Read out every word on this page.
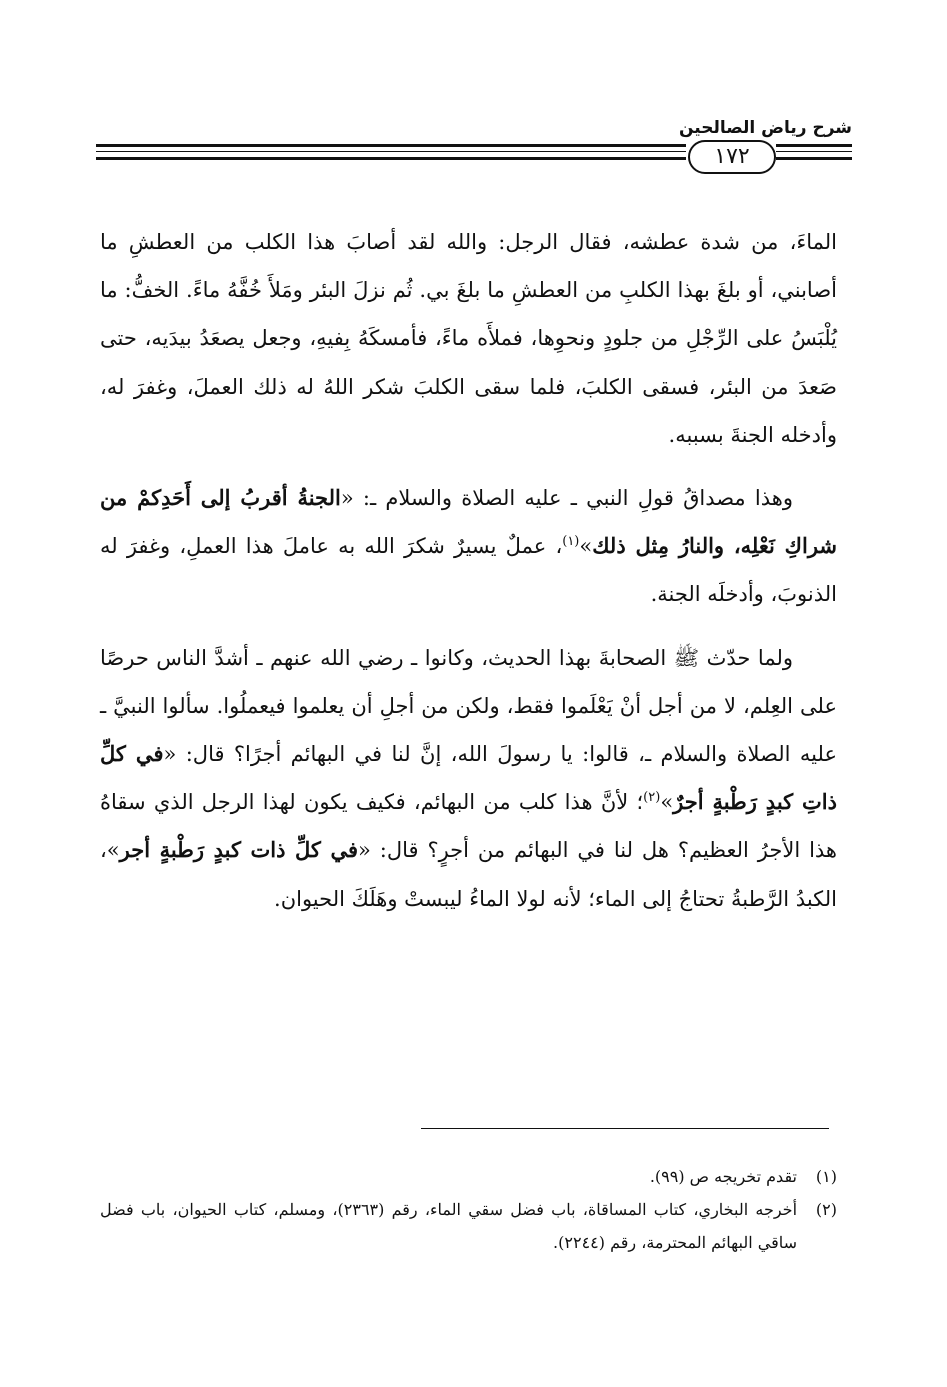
شرح رياض الصالحين
١٧٢

الماءَ، من شدة عطشه، فقال الرجل: والله لقد أصابَ هذا الكلب من العطشِ ما أصابني، أو بلغَ بهذا الكلبِ من العطشِ ما بلغَ بي. ثُم نزلَ البئر ومَلأَ خُفَّهُ ماءً. الخفُّ: ما يُلْبَسُ على الرِّجْلِ من جلودٍ ونحوِها، فملأَه ماءً، فأمسكَهُ بِفيهِ، وجعل يصعَدُ بيدَيه، حتى صَعدَ من البئر، فسقى الكلبَ، فلما سقى الكلبَ شكر اللهُ له ذلك العملَ، وغفرَ له، وأدخله الجنةَ بسببه.

وهذا مصداقُ قولِ النبي ـ عليه الصلاة والسلام ـ: «الجنةُ أقربُ إلى أَحَدِكمْ من شراكِ نَعْلِه، والنارُ مِثل ذلك»$^{(١)}$، عملٌ يسيرٌ شكرَ الله به عاملَ هذا العملِ، وغفرَ له الذنوبَ، وأدخلَه الجنة.

ولما حدّث ﷺ الصحابةَ بهذا الحديث، وكانوا ـ رضي الله عنهم ـ أشدَّ الناس حرصًا على العِلم، لا من أجل أنْ يَعْلَموا فقط، ولكن من أجلِ أن يعلموا فيعملُوا. سألوا النبيَّ ـ عليه الصلاة والسلام ـ، قالوا: يا رسولَ الله، إنَّ لنا في البهائم أجرًا؟ قال: «في كلِّ ذاتِ كبدٍ رَطْبةٍ أجرٌ»$^{(٢)}$؛ لأنَّ هذا كلب من البهائم، فكيف يكون لهذا الرجل الذي سقاهُ هذا الأجرُ العظيم؟ هل لنا في البهائم من أجرٍ؟ قال: «في كلِّ ذات كبدٍ رَطْبةٍ أجر»، الكبدُ الرَّطبةُ تحتاجُ إلى الماء؛ لأنه لولا الماءُ ليبستْ وهَلَكَ الحيوان.

(١)
تقدم تخريجه ص (٩٩).
(٢)
أخرجه البخاري، كتاب المساقاة، باب فضل سقي الماء، رقم (٢٣٦٣)، ومسلم، كتاب الحيوان، باب فضل ساقي البهائم المحترمة، رقم (٢٢٤٤).
